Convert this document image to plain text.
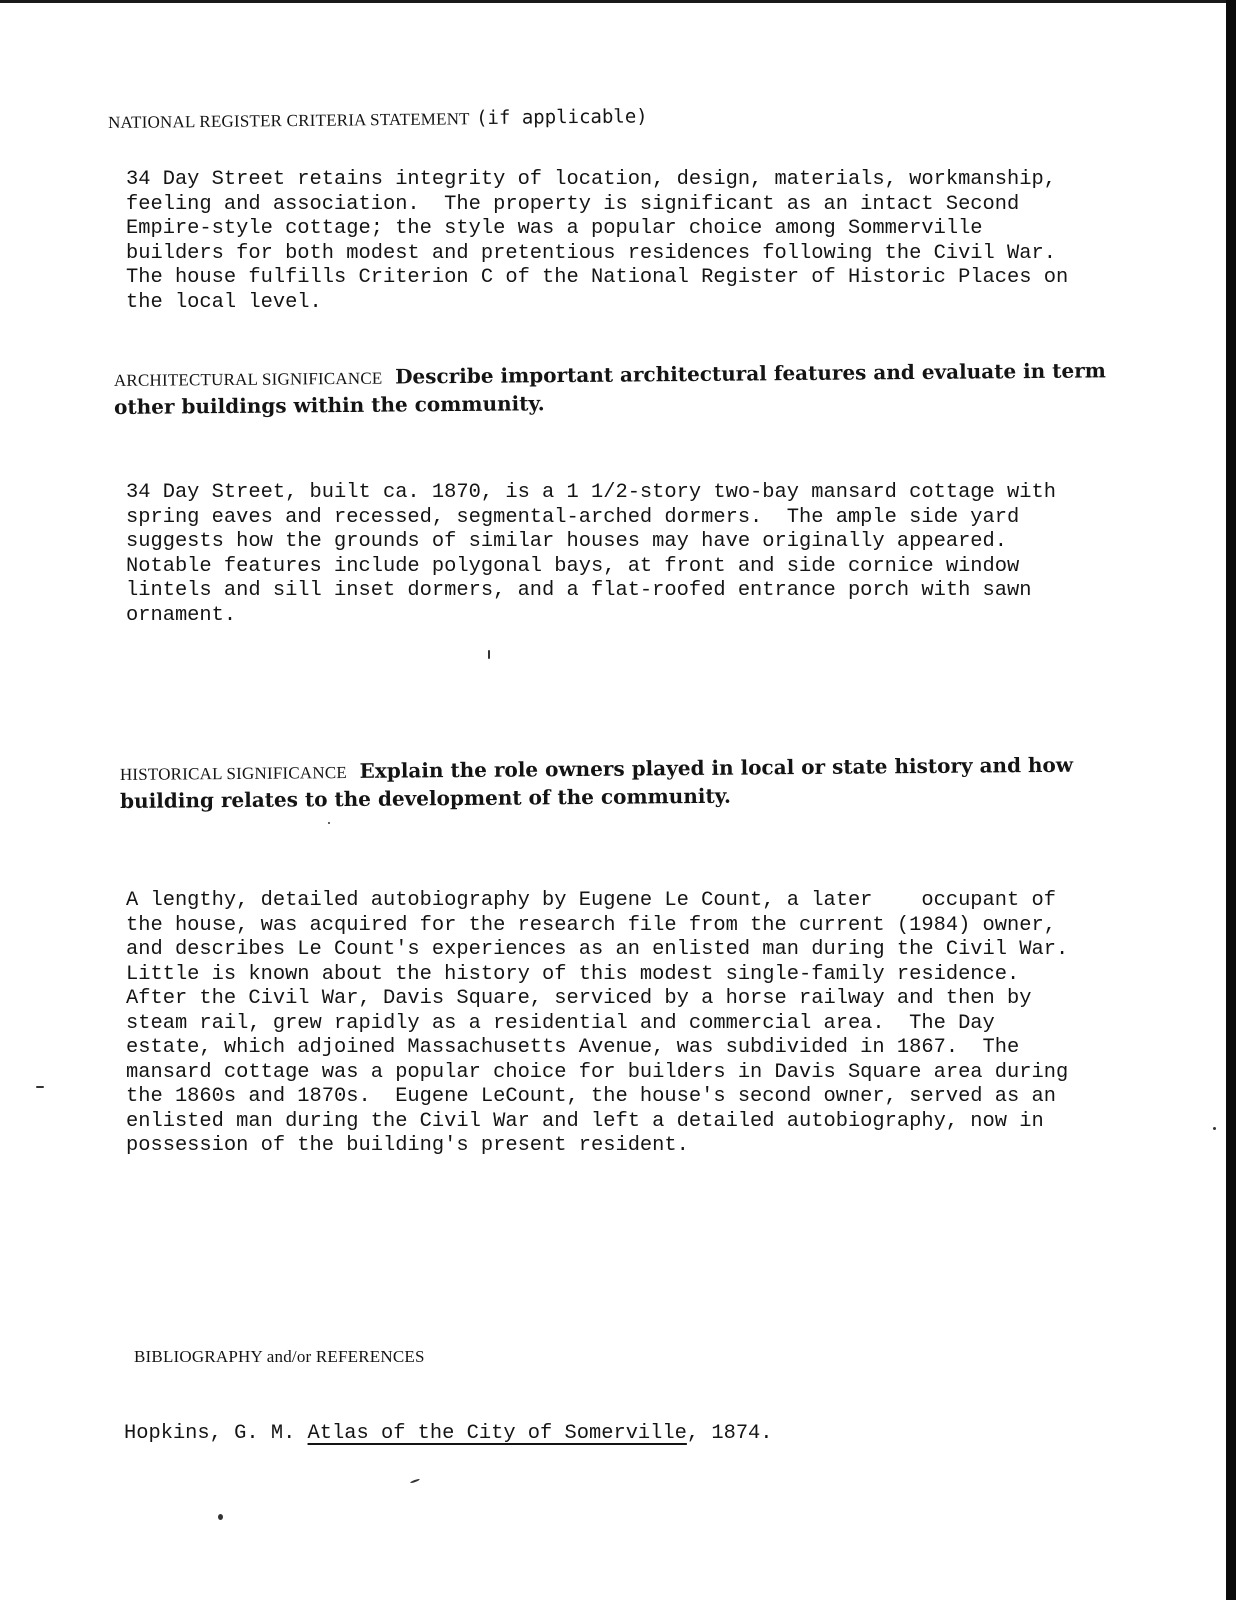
NATIONAL REGISTER CRITERIA STATEMENT (if applicable)
34 Day Street retains integrity of location, design, materials, workmanship,
feeling and association.  The property is significant as an intact Second
Empire-style cottage; the style was a popular choice among Sommerville
builders for both modest and pretentious residences following the Civil War.
The house fulfills Criterion C of the National Register of Historic Places on
the local level.
ARCHITECTURAL SIGNIFICANCE Describe important architectural features and evaluate in term
other buildings within the community.
34 Day Street, built ca. 1870, is a 1 1/2-story two-bay mansard cottage with
spring eaves and recessed, segmental-arched dormers.  The ample side yard
suggests how the grounds of similar houses may have originally appeared.
Notable features include polygonal bays, at front and side cornice window
lintels and sill inset dormers, and a flat-roofed entrance porch with sawn
ornament.
HISTORICAL SIGNIFICANCE Explain the role owners played in local or state history and how
building relates to the development of the community.
A lengthy, detailed autobiography by Eugene Le Count, a later    occupant of
the house, was acquired for the research file from the current (1984) owner,
and describes Le Count's experiences as an enlisted man during the Civil War.
Little is known about the history of this modest single-family residence.
After the Civil War, Davis Square, serviced by a horse railway and then by
steam rail, grew rapidly as a residential and commercial area.  The Day
estate, which adjoined Massachusetts Avenue, was subdivided in 1867.  The
mansard cottage was a popular choice for builders in Davis Square area during
the 1860s and 1870s.  Eugene LeCount, the house's second owner, served as an
enlisted man during the Civil War and left a detailed autobiography, now in
possession of the building's present resident.
BIBLIOGRAPHY and/or REFERENCES
Hopkins, G. M. Atlas of the City of Somerville, 1874.
